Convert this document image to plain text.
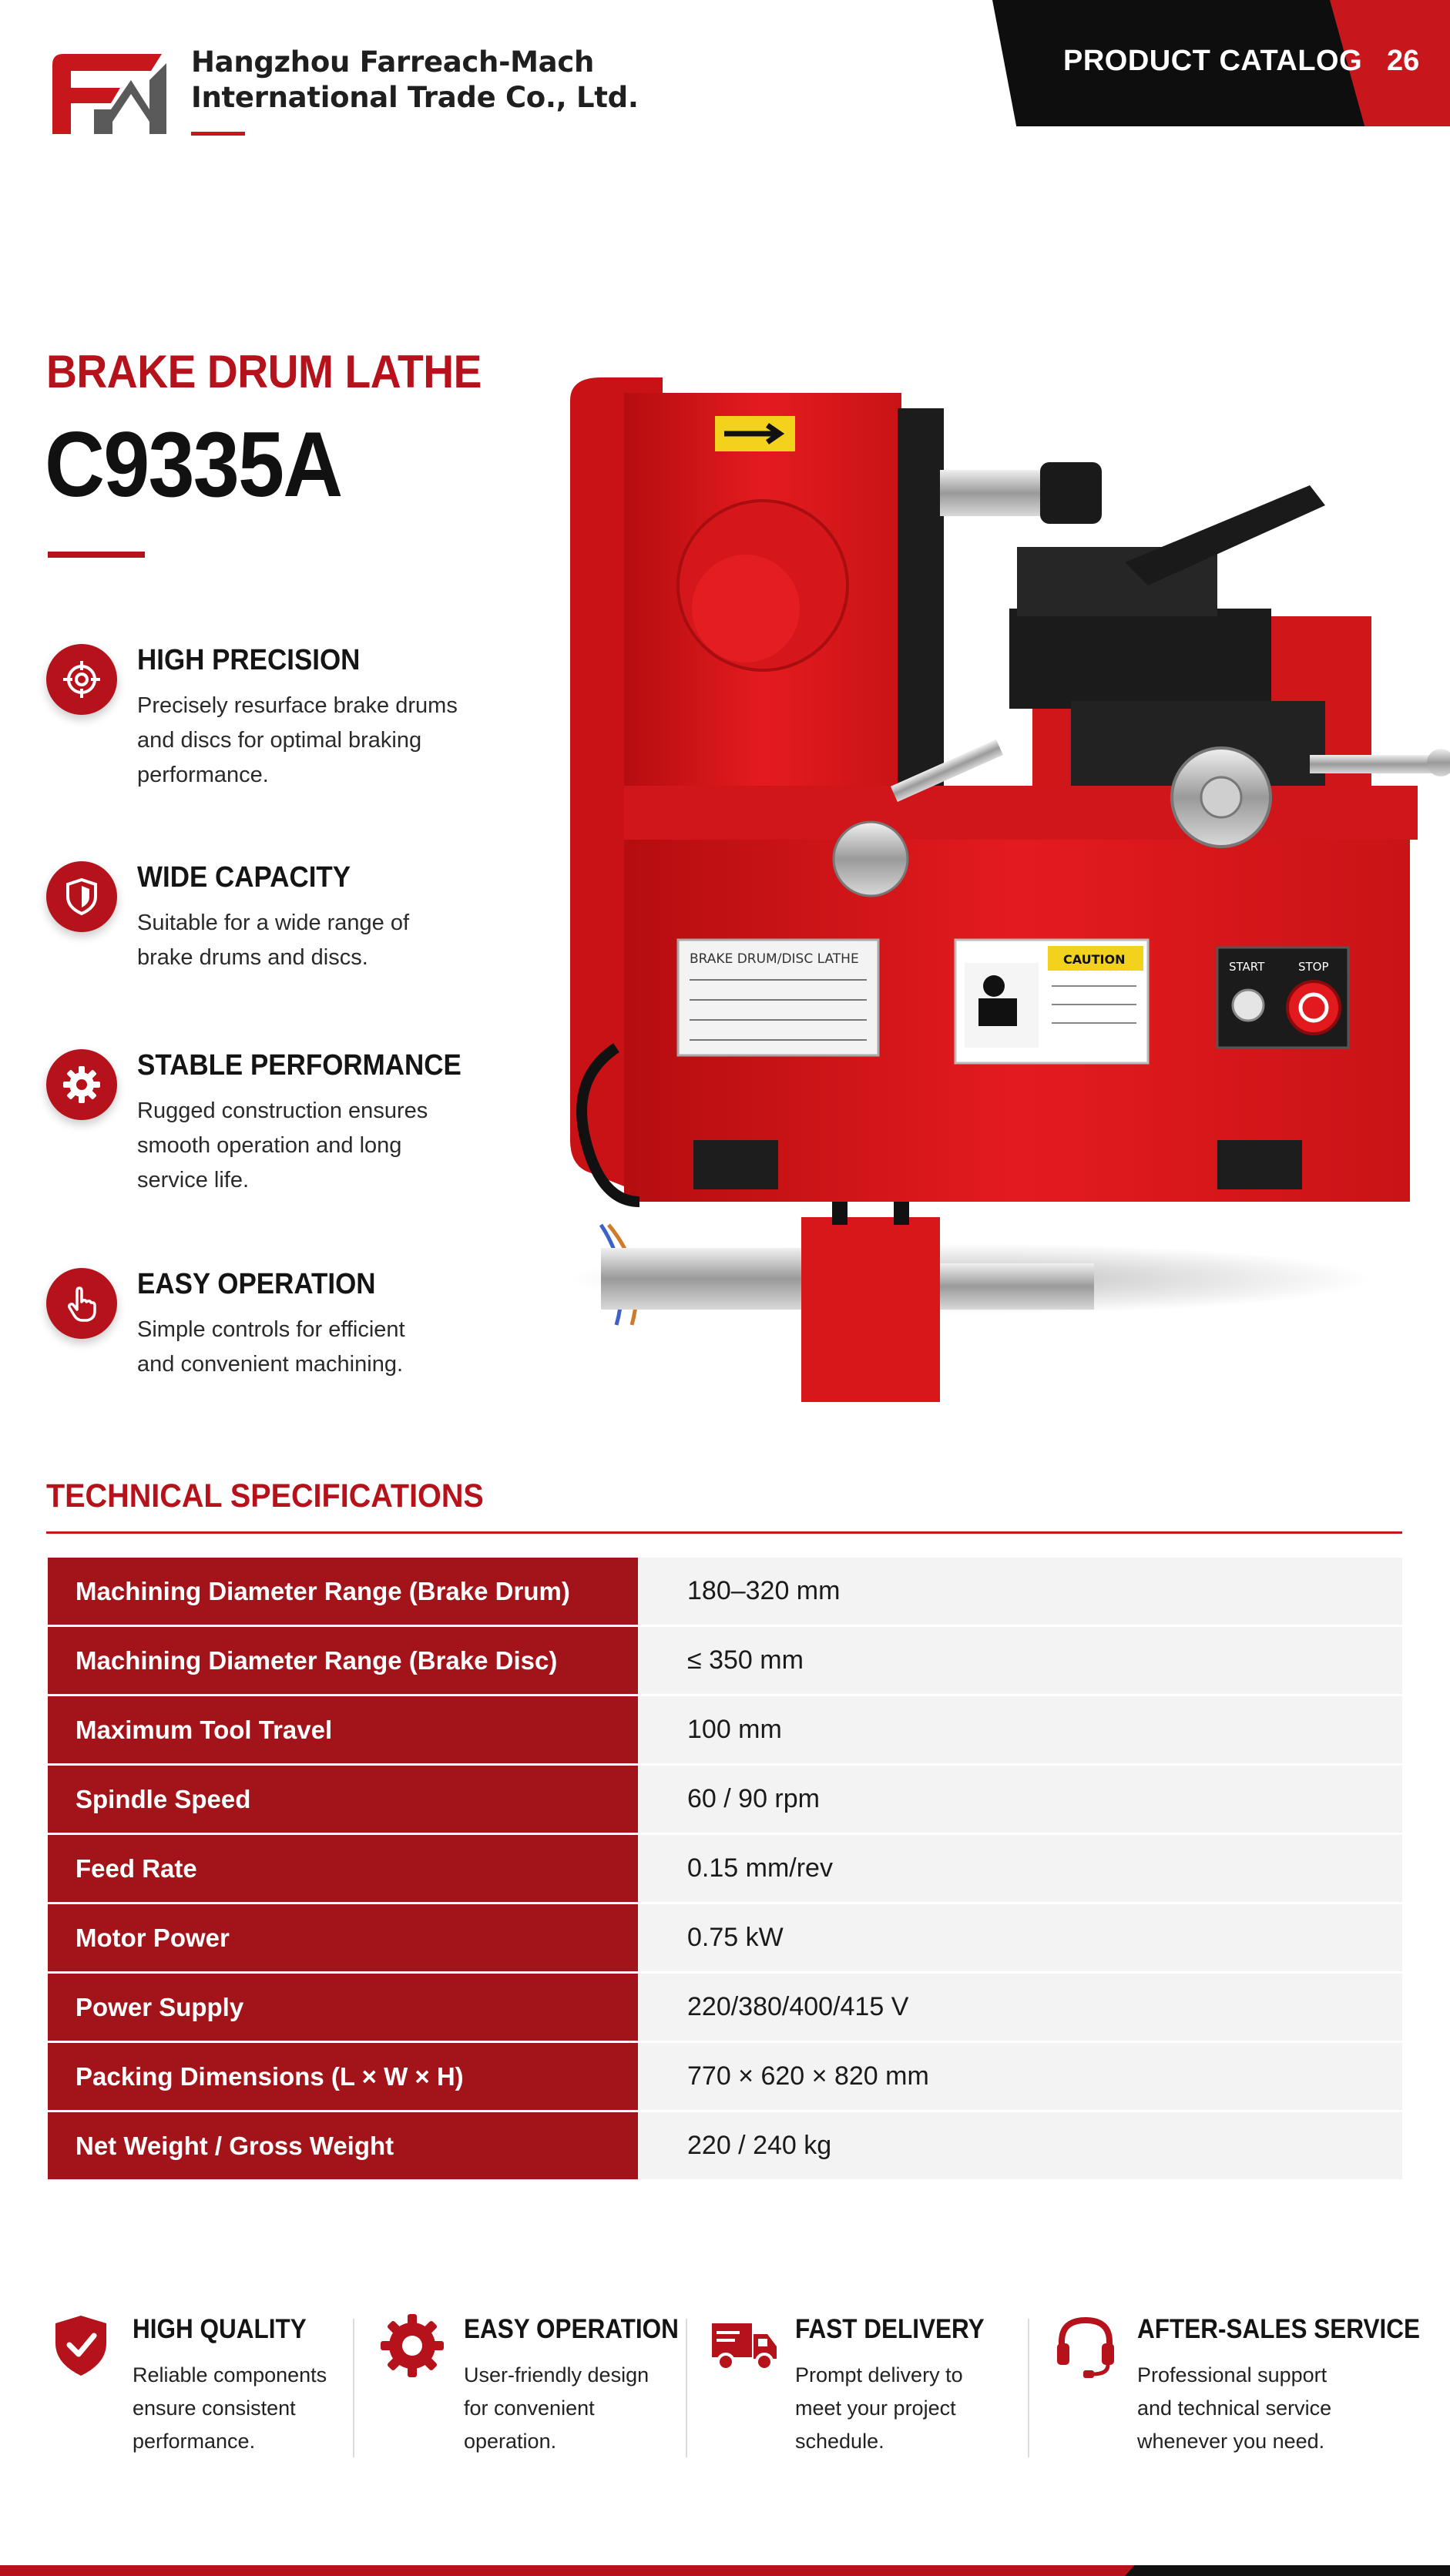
Hangzhou Farreach-Mach
International Trade Co., Ltd.
PRODUCT CATALOG 26
BRAKE DRUM LATHE
C9335A
HIGH PRECISION
Precisely resurface brake drums
and discs for optimal braking
performance.
WIDE CAPACITY
Suitable for a wide range of
brake drums and discs.
STABLE PERFORMANCE
Rugged construction ensures
smooth operation and long
service life.
EASY OPERATION
Simple controls for efficient
and convenient machining.
BRAKE DRUM/DISC LATHE	CAUTION	START	STOP
TECHNICAL SPECIFICATIONS
Machining Diameter Range (Brake Drum)	180–320 mm
Machining Diameter Range (Brake Disc)	≤ 350 mm
Maximum Tool Travel	100 mm
Spindle Speed	60 / 90 rpm
Feed Rate	0.15 mm/rev
Motor Power	0.75 kW
Power Supply	220/380/400/415 V
Packing Dimensions (L × W × H)	770 × 620 × 820 mm
Net Weight / Gross Weight	220 / 240 kg
HIGH QUALITY
Reliable components
ensure consistent
performance.
EASY OPERATION
User-friendly design
for convenient
operation.
FAST DELIVERY
Prompt delivery to
meet your project
schedule.
AFTER-SALES SERVICE
Professional support
and technical service
whenever you need.
